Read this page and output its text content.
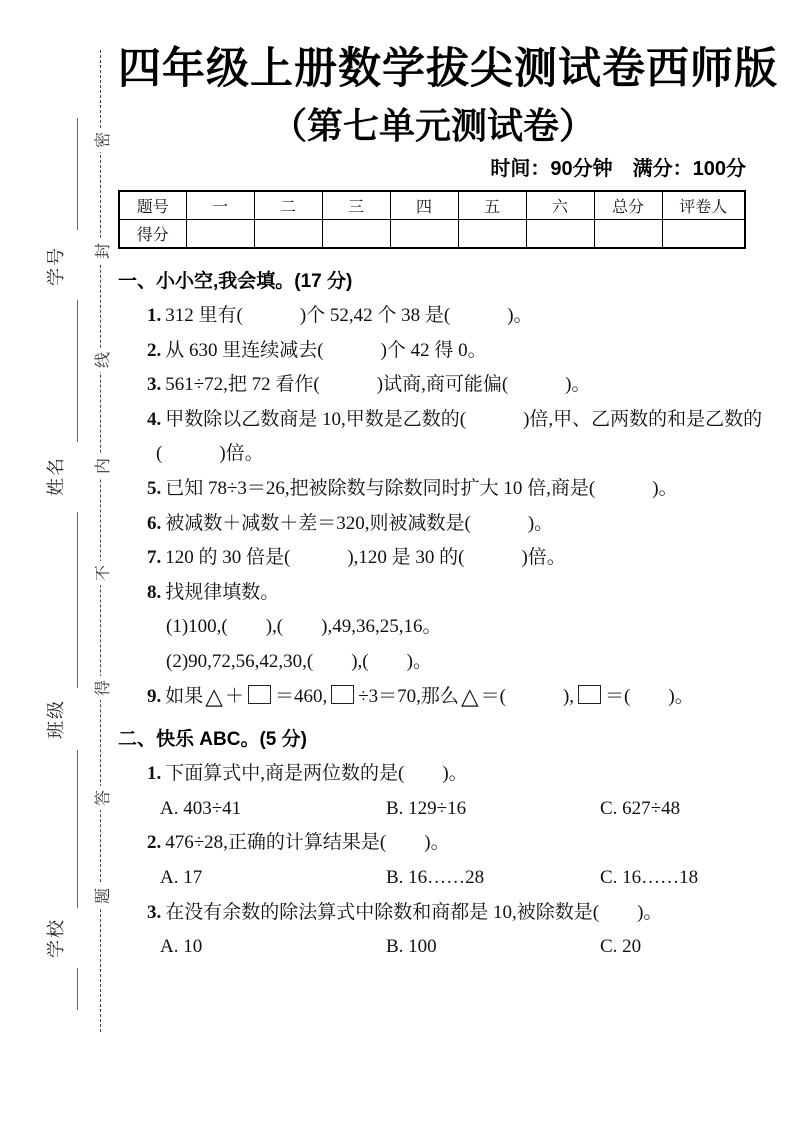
密
封
线
内
不
得
答
题
学号
姓名
班级
学校
四年级上册数学拔尖测试卷西师版
（第七单元测试卷）
时间：90分钟　满分：100分
题号	一	二	三	四	五	六	总分	评卷人
得分								
一、小小空,我会填。(17 分)
1. 312 里有(　　　)个 52,42 个 38 是(　　　)。
2. 从 630 里连续减去(　　　)个 42 得 0。
3. 561÷72,把 72 看作(　　　)试商,商可能偏(　　　)。
4. 甲数除以乙数商是 10,甲数是乙数的(　　　)倍,甲、乙两数的和是乙数的
(　　　)倍。
5. 已知 78÷3＝26,把被除数与除数同时扩大 10 倍,商是(　　　)。
6. 被减数＋减数＋差＝320,则被减数是(　　　)。
7. 120 的 30 倍是(　　　),120 是 30 的(　　　)倍。
8. 找规律填数。
(1)100,(　　),(　　),49,36,25,16。
(2)90,72,56,42,30,(　　),(　　)。
9. 如果△ ＋ ＝460, ÷3＝70,那么△ ＝(　　　), ＝(　　)。
二、快乐 ABC。(5 分)
1. 下面算式中,商是两位数的是(　　)。
A. 403÷41	B. 129÷16	C. 627÷48
2. 476÷28,正确的计算结果是(　　)。
A. 17	B. 16……28	C. 16……18
3. 在没有余数的除法算式中除数和商都是 10,被除数是(　　)。
A. 10	B. 100	C. 20
